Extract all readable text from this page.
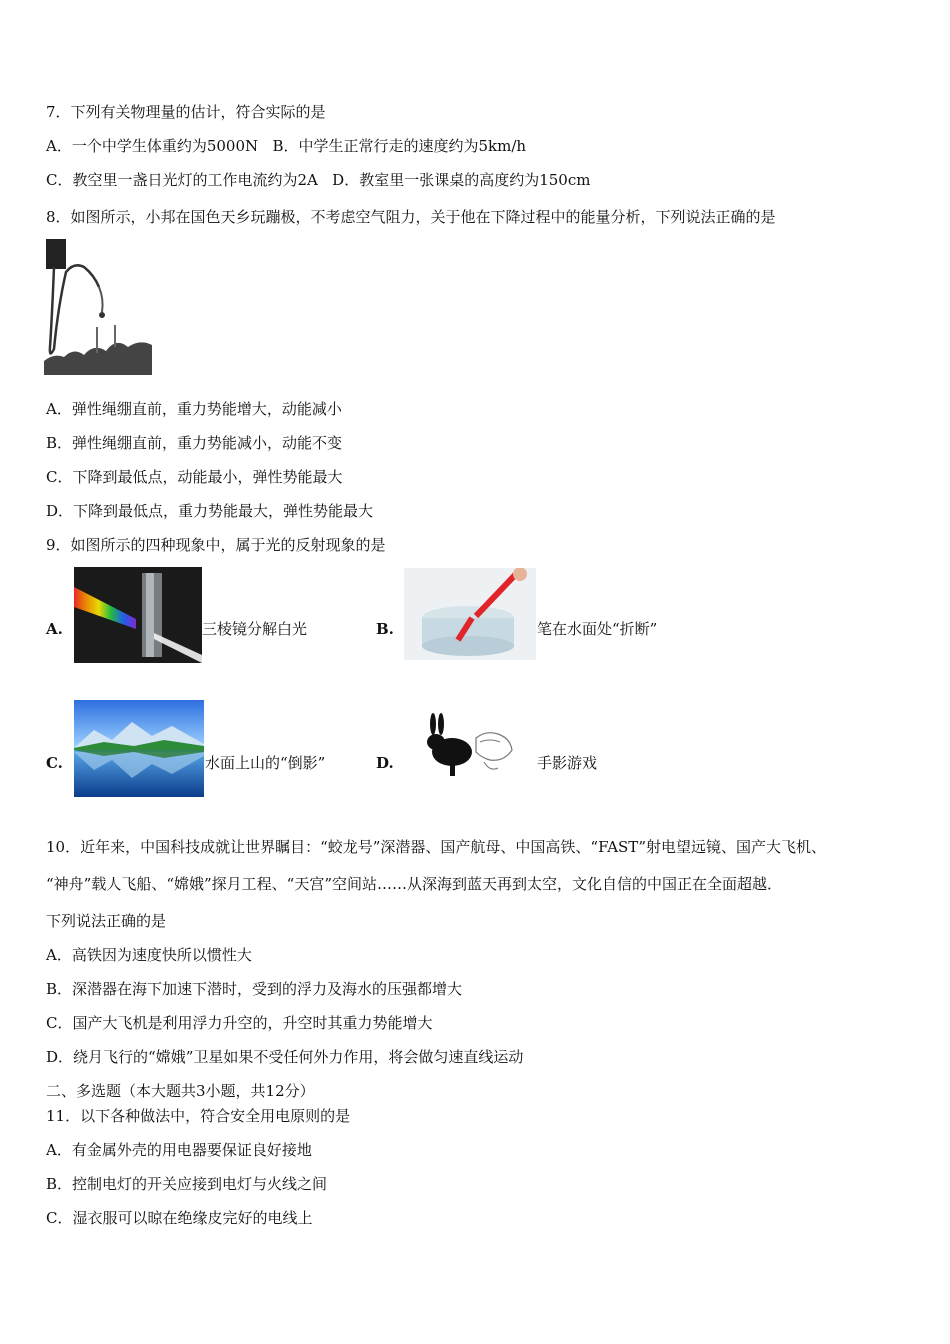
7．下列有关物理量的估计，符合实际的是
A．一个中学生体重约为5000N B．中学生正常行走的速度约为5km/h
C．教空里一盏日光灯的工作电流约为2A D．教室里一张课桌的高度约为150cm
8．如图所示，小邦在国色天乡玩蹦极，不考虑空气阻力，关于他在下降过程中的能量分析，下列说法正确的是
A．弹性绳绷直前，重力势能增大，动能减小
B．弹性绳绷直前，重力势能减小，动能不变
C．下降到最低点，动能最小，弹性势能最大
D．下降到最低点，重力势能最大，弹性势能最大
9．如图所示的四种现象中，属于光的反射现象的是
A.	三棱镜分解白光	B.	笔在水面处“折断”
C.	水面上山的“倒影”	D.	手影游戏
10．近年来，中国科技成就让世界瞩目：“蛟龙号”深潜器、国产航母、中国高铁、“FAST”射电望远镜、国产大飞机、
“神舟”载人飞船、“嫦娥”探月工程、“天宫”空间站……从深海到蓝天再到太空，文化自信的中国正在全面超越．
下列说法正确的是
A．高铁因为速度快所以惯性大
B．深潜器在海下加速下潜时，受到的浮力及海水的压强都增大
C．国产大飞机是利用浮力升空的，升空时其重力势能增大
D．绕月飞行的“嫦娥”卫星如果不受任何外力作用，将会做匀速直线运动
二、多选题（本大题共3小题，共12分）
11．以下各种做法中，符合安全用电原则的是
A．有金属外壳的用电器要保证良好接地
B．控制电灯的开关应接到电灯与火线之间
C．湿衣服可以晾在绝缘皮完好的电线上
